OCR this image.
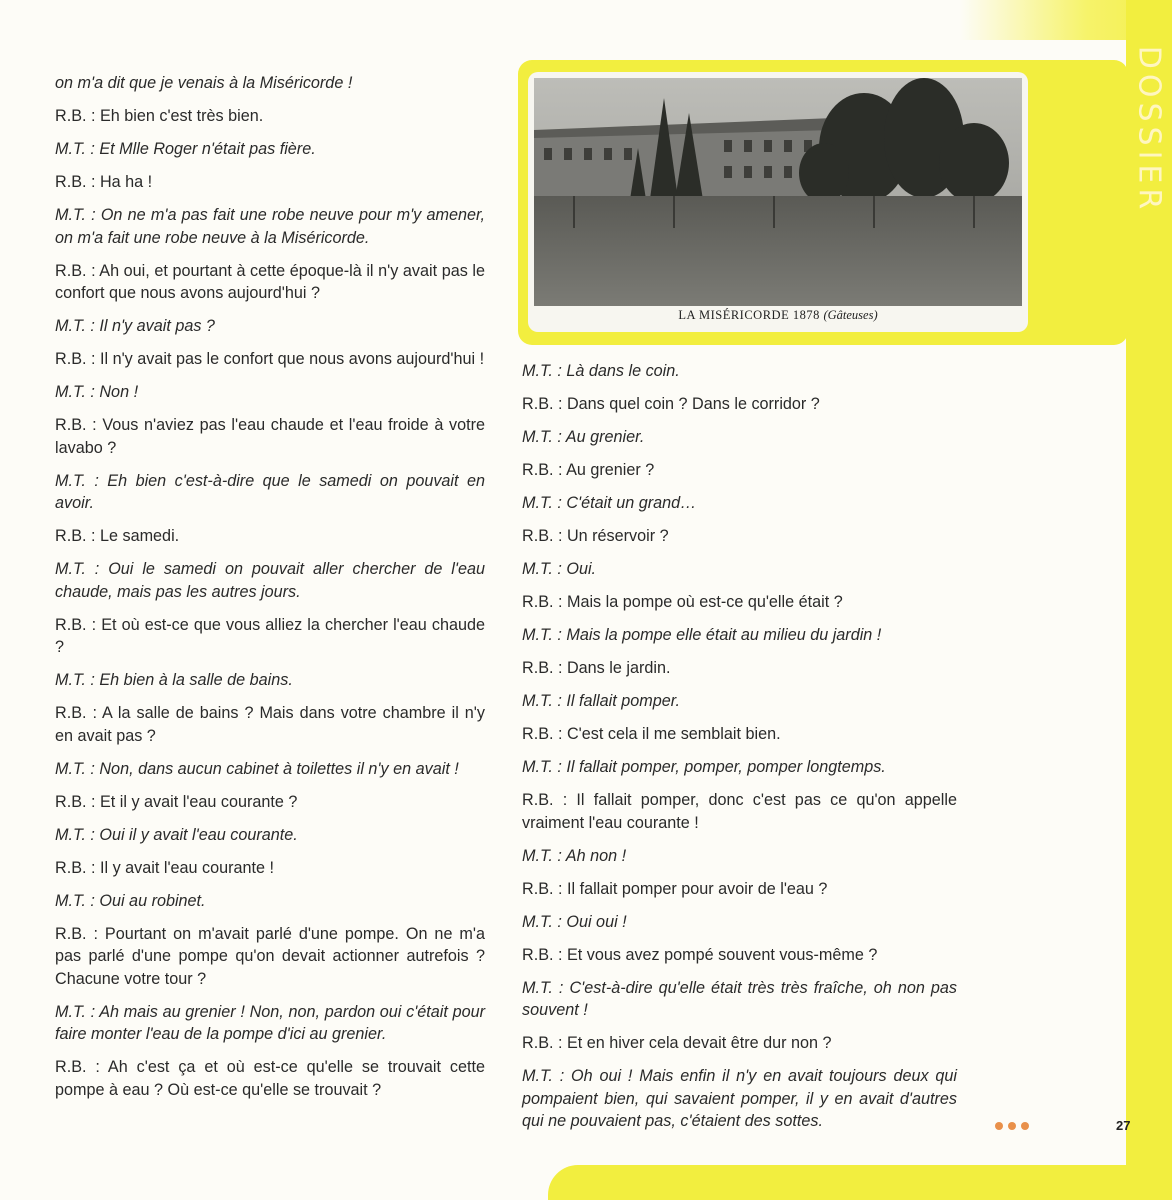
DOSSIER
LA MISÉRICORDE 1878 (Gâteuses)

on m'a dit que je venais à la Miséricorde !

R.B. : Eh bien c'est très bien.

M.T. : Et Mlle Roger n'était pas fière.

R.B. : Ha ha !

M.T. : On ne m'a pas fait une robe neuve pour m'y amener, on m'a fait une robe neuve à la Miséricorde.

R.B. : Ah oui, et pourtant à cette époque-là il n'y avait pas le confort que nous avons aujourd'hui ?

M.T. : Il n'y avait pas ?

R.B. : Il n'y avait pas le confort que nous avons aujourd'hui !

M.T. : Non !

R.B. : Vous n'aviez pas l'eau chaude et l'eau froide à votre lavabo ?

M.T. : Eh bien c'est-à-dire que le samedi on pouvait en avoir.

R.B. : Le samedi.

M.T. : Oui le samedi on pouvait aller chercher de l'eau chaude, mais pas les autres jours.

R.B. : Et où est-ce que vous alliez la chercher l'eau chaude ?

M.T. : Eh bien à la salle de bains.

R.B. : A la salle de bains ? Mais dans votre chambre il n'y en avait pas ?

M.T. : Non, dans aucun cabinet à toilettes il n'y en avait !

R.B. : Et il y avait l'eau courante ?

M.T. : Oui il y avait l'eau courante.

R.B. : Il y avait l'eau courante !

M.T. : Oui au robinet.

R.B. : Pourtant on m'avait parlé d'une pompe. On ne m'a pas parlé d'une pompe qu'on devait actionner autrefois ? Chacune votre tour ?

M.T. : Ah mais au grenier ! Non, non, pardon oui c'était pour faire monter l'eau de la pompe d'ici au grenier.

R.B. : Ah c'est ça et où est-ce qu'elle se trouvait cette pompe à eau ? Où est-ce qu'elle se trouvait ?

M.T. : Là dans le coin.

R.B. : Dans quel coin ? Dans le corridor ?

M.T. : Au grenier.

R.B. : Au grenier ?

M.T. : C'était un grand…

R.B. : Un réservoir ?

M.T. : Oui.

R.B. : Mais la pompe où est-ce qu'elle était ?

M.T. : Mais la pompe elle était au milieu du jardin !

R.B. : Dans le jardin.

M.T. : Il fallait pomper.

R.B. : C'est cela il me semblait bien.

M.T. : Il fallait pomper, pomper, pomper longtemps.

R.B. : Il fallait pomper, donc c'est pas ce qu'on appelle vraiment l'eau courante !

M.T. : Ah non !

R.B. : Il fallait pomper pour avoir de l'eau ?

M.T. : Oui oui !

R.B. : Et vous avez pompé souvent vous-même ?

M.T. : C'est-à-dire qu'elle était très très fraîche, oh non pas souvent !

R.B. : Et en hiver cela devait être dur non ?

M.T. : Oh oui ! Mais enfin il n'y en avait toujours deux qui pompaient bien, qui savaient pomper, il y en avait d'autres qui ne pouvaient pas, c'étaient des sottes.	27
